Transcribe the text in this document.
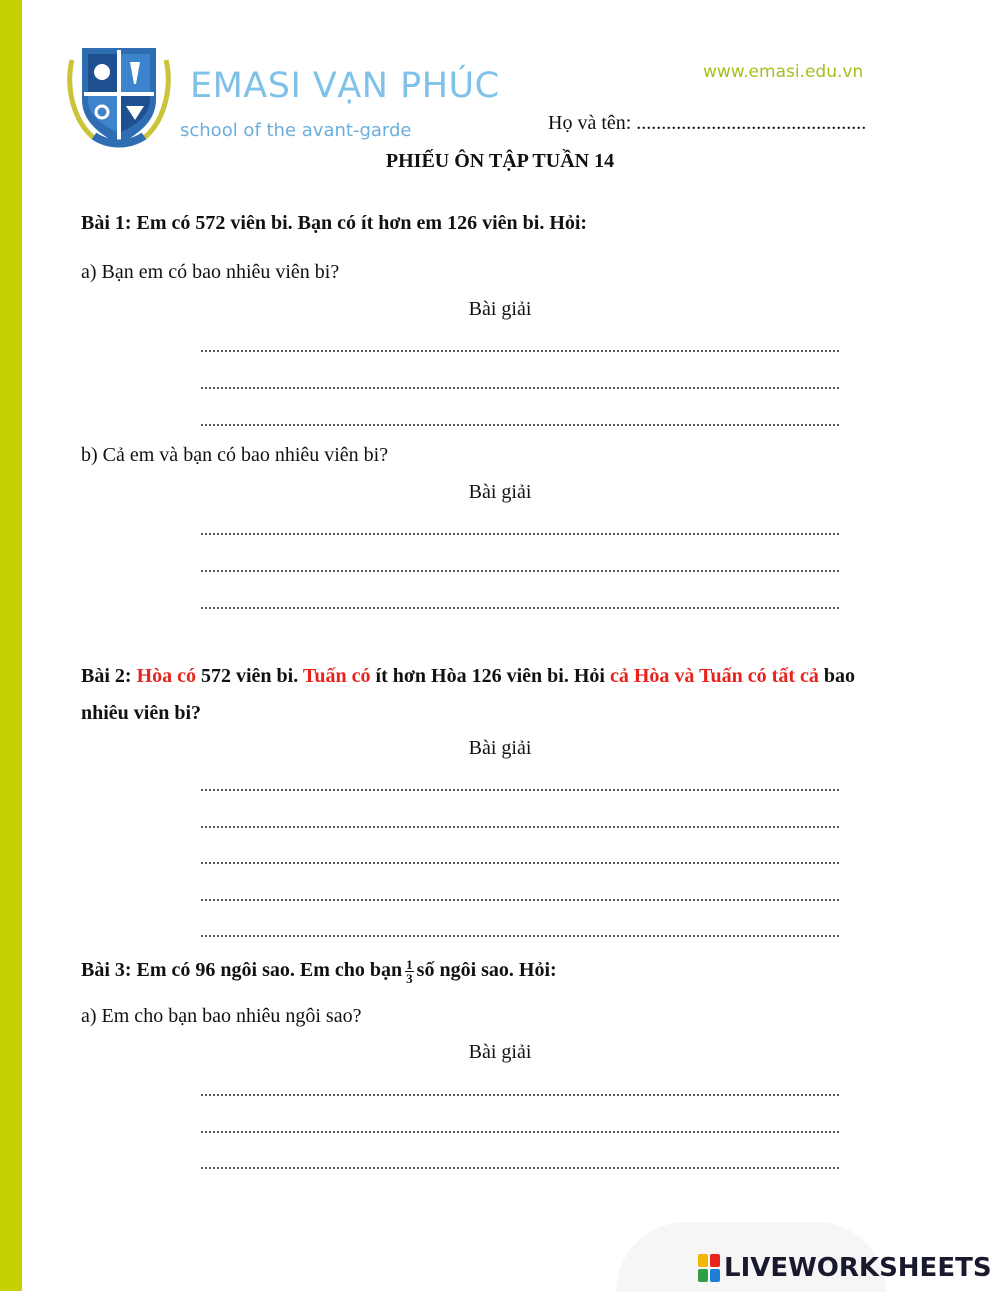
EMASI VẠN PHÚC
school of the avant-garde
www.emasi.edu.vn
Họ và tên: ..............................................
PHIẾU ÔN TẬP TUẦN 14
Bài 1: Em có 572 viên bi. Bạn có ít hơn em 126 viên bi. Hỏi:
a) Bạn em có bao nhiêu viên bi?
Bài giải
b) Cả em và bạn có bao nhiêu viên bi?
Bài giải
Bài 2: Hòa có 572 viên bi. Tuấn có ít hơn Hòa 126 viên bi. Hỏi cả Hòa và Tuấn có tất cả bao
nhiêu viên bi?
Bài giải
Bài 3: Em có 96 ngôi sao. Em cho bạn $\frac{1}{3}$ số ngôi sao. Hỏi:
a) Em cho bạn bao nhiêu ngôi sao?
Bài giải
LIVEWORKSHEETS
